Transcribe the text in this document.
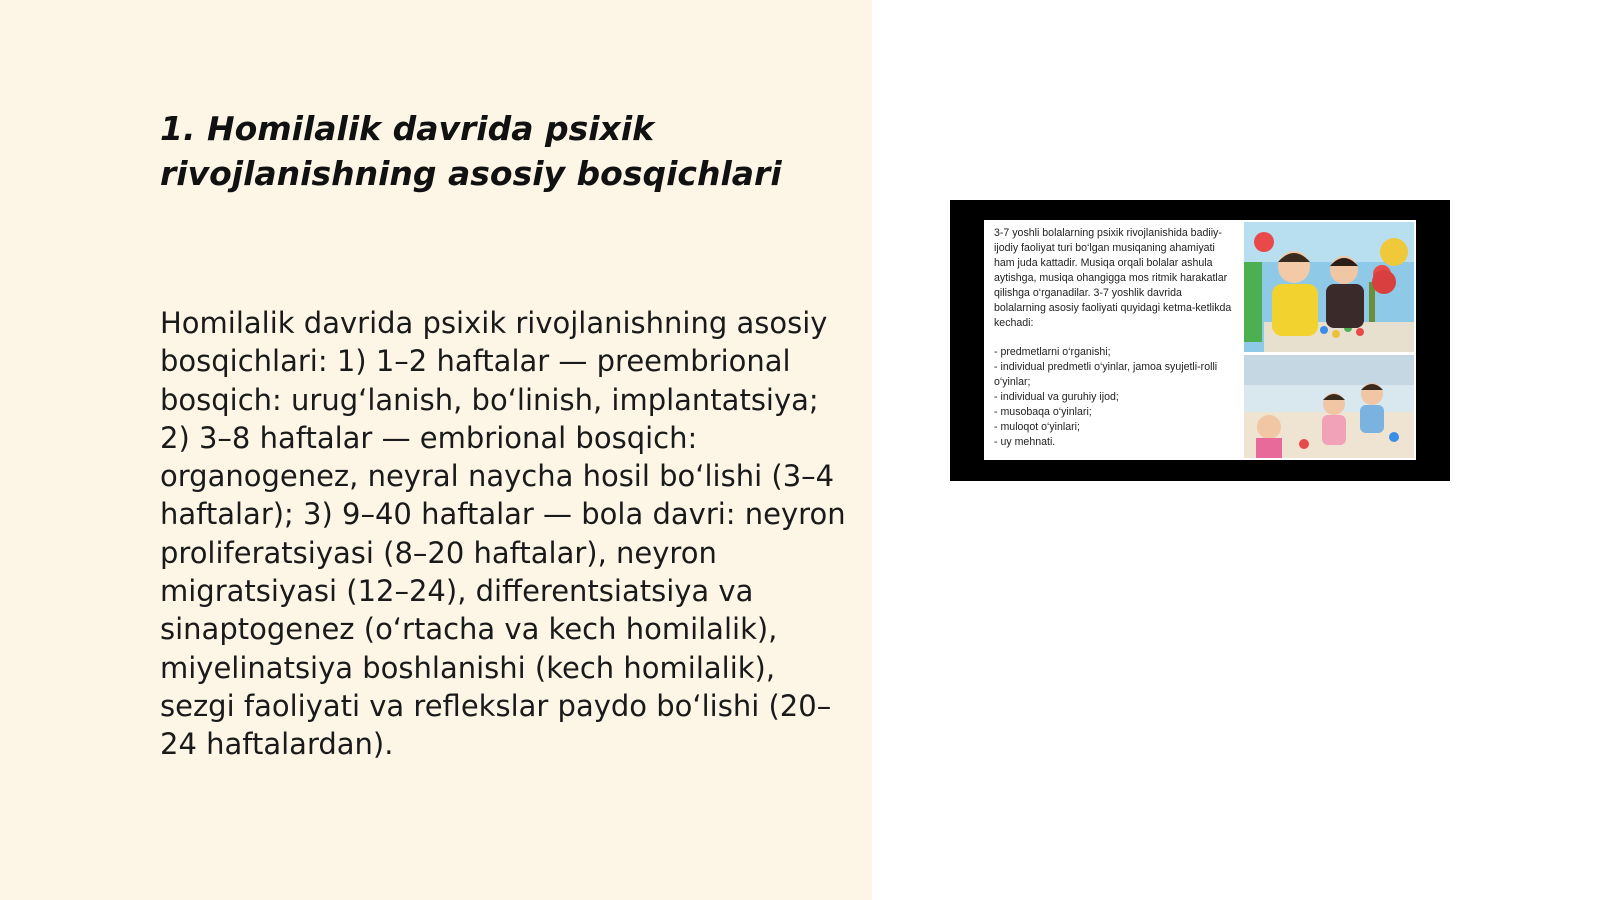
1. Homilalik davrida psixik rivojlanishning asosiy bosqichlari

Homilalik davrida psixik rivojlanishning asosiy bosqichlari: 1) 1–2 haftalar — preembrional bosqich: urug‘lanish, bo‘linish, implantatsiya; 2) 3–8 haftalar — embrional bosqich: organogenez, neyral naycha hosil bo‘lishi (3–4 haftalar); 3) 9–40 haftalar — bola davri: neyron proliferatsiyasi (8–20 haftalar), neyron migratsiyasi (12–24), differentsiatsiya va sinaptogenez (o‘rtacha va kech homilalik), miyelinatsiya boshlanishi (kech homilalik), sezgi faoliyati va reflekslar paydo bo‘lishi (20–24 haftalardan).

3-7 yoshli bolalarning psixik rivojlanishida badiiy-ijodiy faoliyat turi bo‘lgan musiqaning ahamiyati ham juda kattadir. Musiqa orqali bolalar ashula aytishga, musiqa ohangigga mos ritmik harakatlar qilishga o‘rganadilar. 3-7 yoshlik davrida bolalarning asosiy faoliyati quyidagi ketma-ketlikda kechadi:

- predmetlarni o‘rganishi;
- individual predmetli o‘yinlar, jamoa syujetli-rolli o‘yinlar;
- individual va guruhiy ijod;
- musobaqa o‘yinlari;
- muloqot o‘yinlari;
- uy mehnati.
